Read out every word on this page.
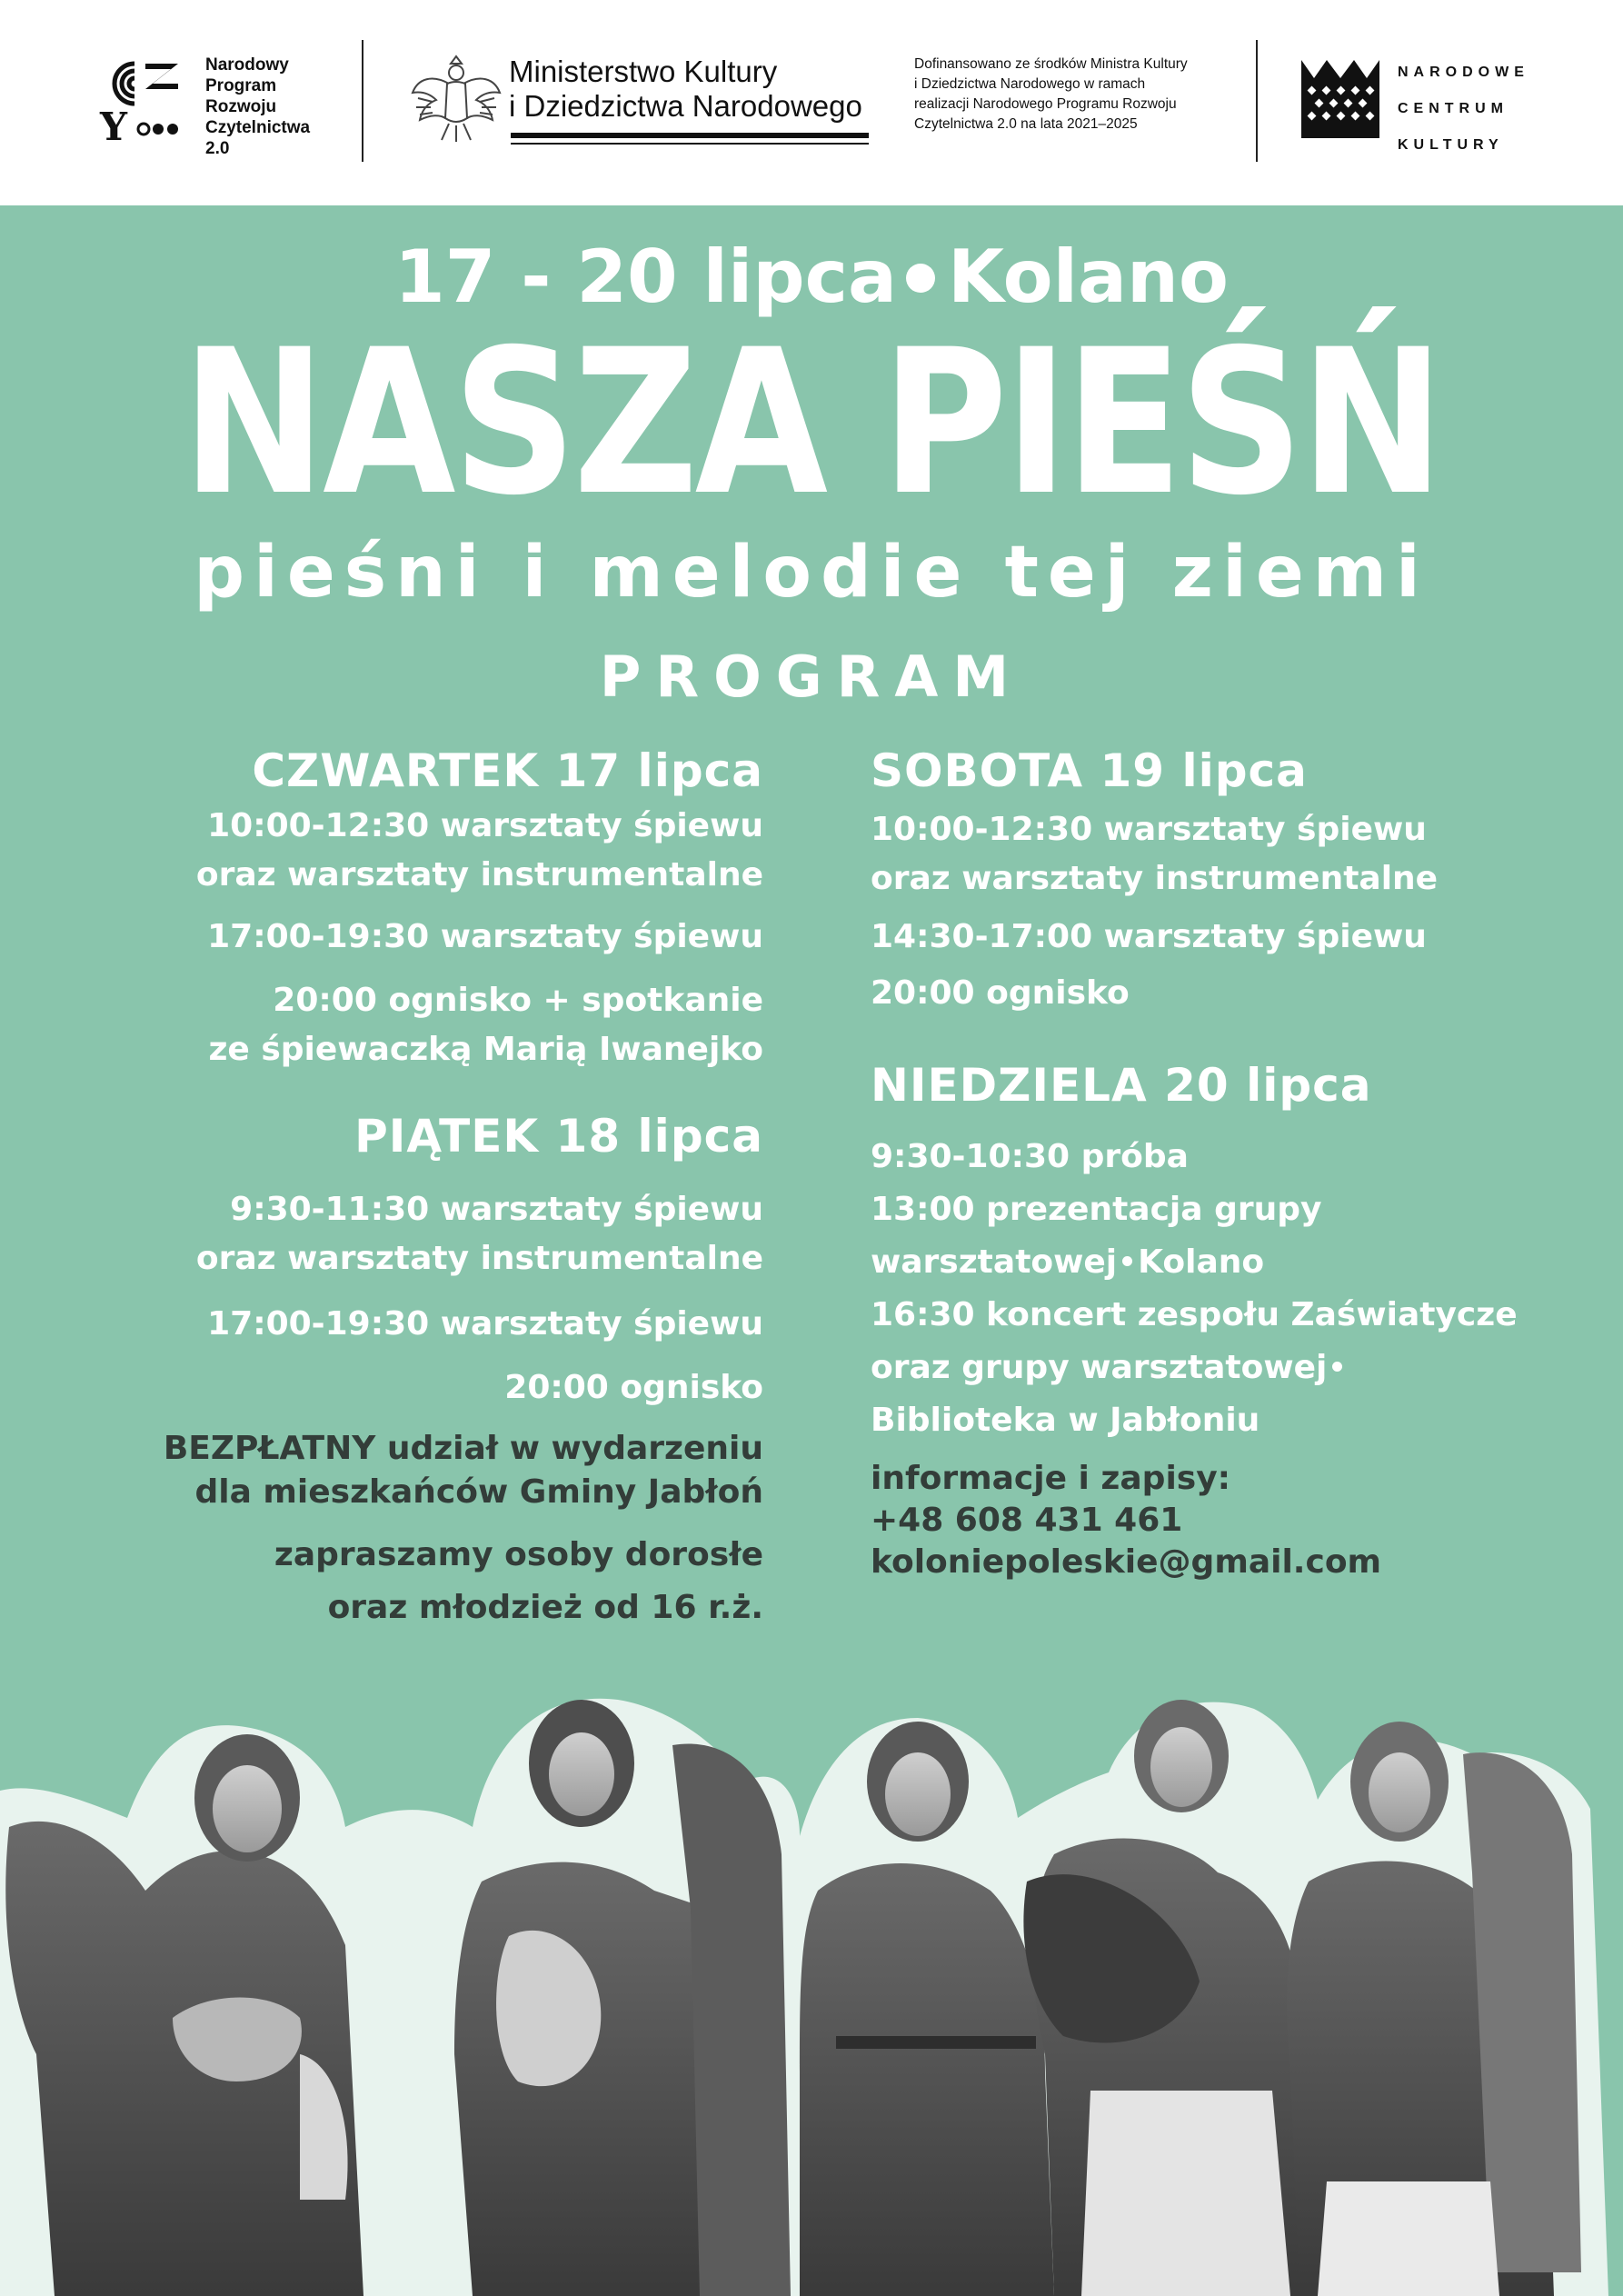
Y
Narodowy
Program
Rozwoju
Czytelnictwa
2.0
Ministerstwo Kultury
i Dziedzictwa Narodowego
Dofinansowano ze środków Ministra Kultury
i Dziedzictwa Narodowego w ramach
realizacji Narodowego Programu Rozwoju
Czytelnictwa 2.0 na lata 2021–2025
NARODOWE
CENTRUM
KULTURY
17 - 20 lipca Kolano
NASZA PIEŚŃ
pieśni i melodie tej ziemi
PROGRAM
CZWARTEK 17 lipca
10:00-12:30 warsztaty śpiewu
oraz warsztaty instrumentalne
17:00-19:30 warsztaty śpiewu
20:00 ognisko + spotkanie
ze śpiewaczką Marią Iwanejko
PIĄTEK 18 lipca
9:30-11:30 warsztaty śpiewu
oraz warsztaty instrumentalne
17:00-19:30 warsztaty śpiewu
20:00 ognisko
BEZPŁATNY udział w wydarzeniu
dla mieszkańców Gminy Jabłoń
zapraszamy osoby dorosłe
oraz młodzież od 16 r.ż.
SOBOTA 19 lipca
10:00-12:30 warsztaty śpiewu
oraz warsztaty instrumentalne
14:30-17:00 warsztaty śpiewu
20:00 ognisko
NIEDZIELA 20 lipca
9:30-10:30 próba
13:00 prezentacja grupy
warsztatowej Kolano
16:30 koncert zespołu Zaświatycze
oraz grupy warsztatowej
Biblioteka w Jabłoniu
informacje i zapisy:
+48 608 431 461
koloniepoleskie@gmail.com
